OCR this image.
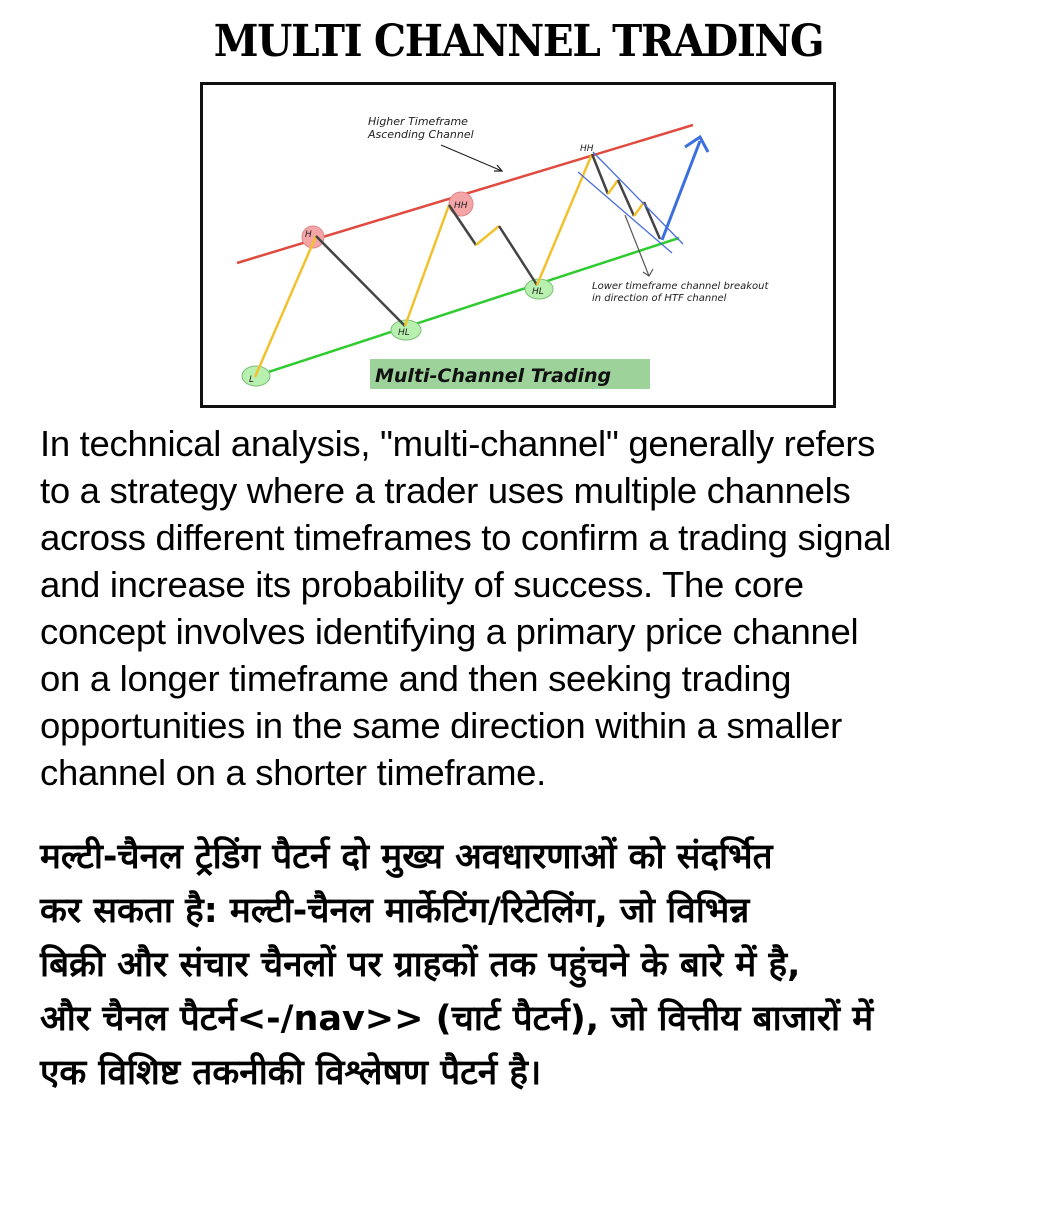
MULTI CHANNEL TRADING
L
H
HL
HH
HL
HH
Higher Timeframe
Ascending Channel
Lower timeframe channel breakout
in direction of HTF channel
Multi-Channel Trading
In technical analysis, "multi-channel" generally refers
to a strategy where a trader uses multiple channels
across different timeframes to confirm a trading signal
and increase its probability of success. The core
concept involves identifying a primary price channel
on a longer timeframe and then seeking trading
opportunities in the same direction within a smaller
channel on a shorter timeframe.
मल्टी-चैनल ट्रेडिंग पैटर्न दो मुख्य अवधारणाओं को संदर्भित
कर सकता है: मल्टी-चैनल मार्केटिंग/रिटेलिंग, जो विभिन्न
बिक्री और संचार चैनलों पर ग्राहकों तक पहुंचने के बारे में है,
और चैनल पैटर्न<-/nav>> (चार्ट पैटर्न), जो वित्तीय बाजारों में
एक विशिष्ट तकनीकी विश्लेषण पैटर्न है।
